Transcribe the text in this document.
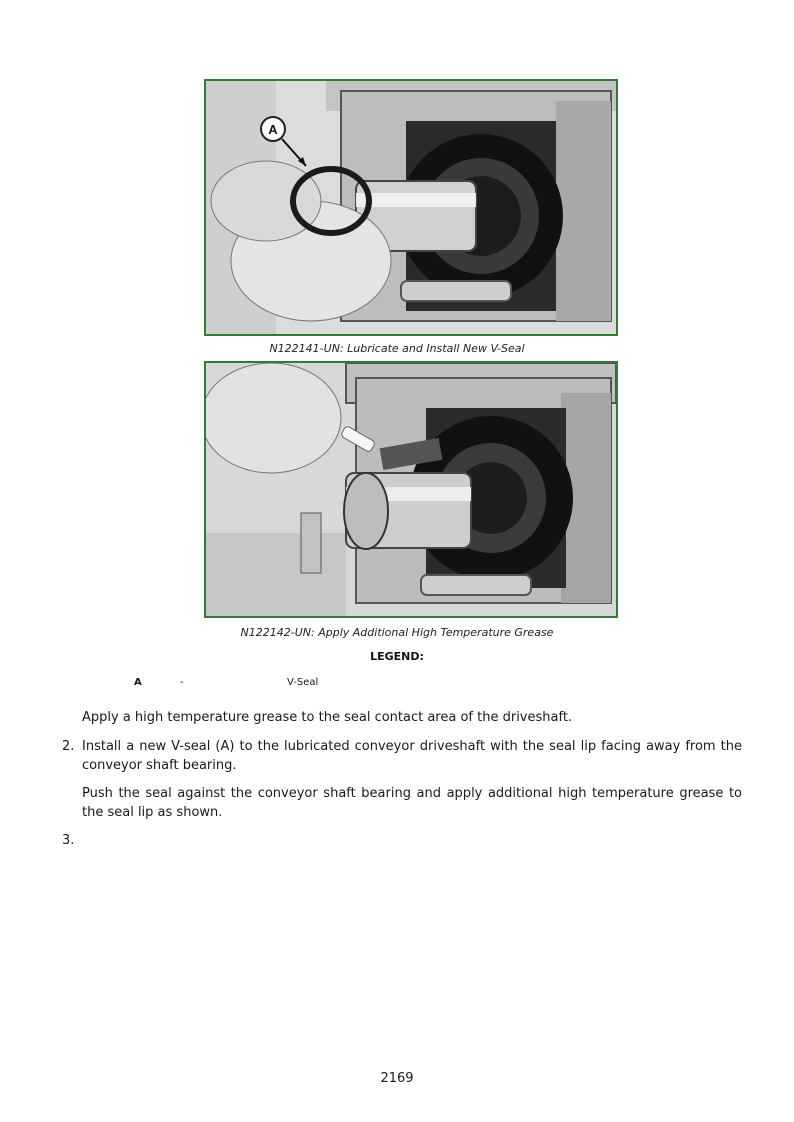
A
N122141-UN: Lubricate and Install New V-Seal
N122142-UN: Apply Additional High Temperature Grease
LEGEND:
A	-	V-Seal
Apply a high temperature grease to the seal contact area of the driveshaft.
2. Install a new V-seal (A) to the lubricated conveyor driveshaft with the seal lip facing away from the conveyor shaft bearing.
Push the seal against the conveyor shaft bearing and apply additional high temperature grease to the seal lip as shown.
3.
2169
